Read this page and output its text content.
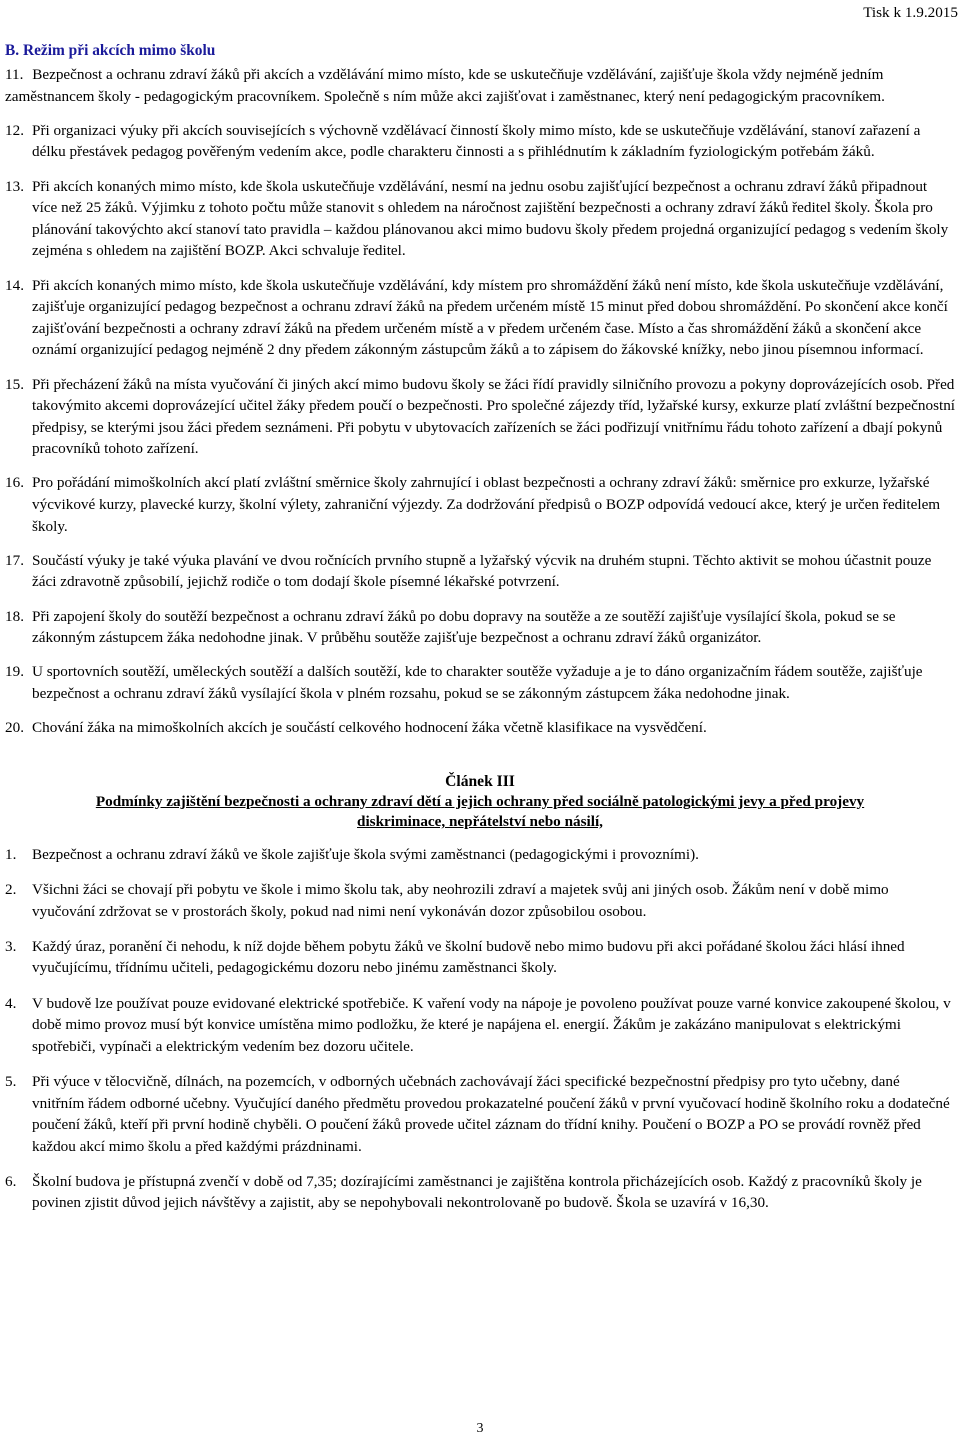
Tisk k 1.9.2015
B. Režim při akcích mimo školu
11. Bezpečnost a ochranu zdraví žáků při akcích a vzdělávání mimo místo, kde se uskutečňuje vzdělávání, zajišťuje škola vždy nejméně jedním zaměstnancem školy - pedagogickým pracovníkem. Společně s ním může akci zajišťovat i zaměstnanec, který není pedagogickým pracovníkem.
12. Při organizaci výuky při akcích souvisejících s výchovně vzdělávací činností školy mimo místo, kde se uskutečňuje vzdělávání, stanoví zařazení a délku přestávek pedagog pověřeným vedením akce, podle charakteru činnosti a s přihlédnutím k základním fyziologickým potřebám žáků.
13. Při akcích konaných mimo místo, kde škola uskutečňuje vzdělávání, nesmí na jednu osobu zajišťující bezpečnost a ochranu zdraví žáků připadnout více než 25 žáků. Výjimku z tohoto počtu může stanovit s ohledem na náročnost zajištění bezpečnosti a ochrany zdraví žáků ředitel školy. Škola pro plánování takovýchto akcí stanoví tato pravidla – každou plánovanou akci mimo budovu školy předem projedná organizující pedagog s vedením školy zejména s ohledem na zajištění BOZP. Akci schvaluje ředitel.
14. Při akcích konaných mimo místo, kde škola uskutečňuje vzdělávání, kdy místem pro shromáždění žáků není místo, kde škola uskutečňuje vzdělávání, zajišťuje organizující pedagog bezpečnost a ochranu zdraví žáků na předem určeném místě 15 minut před dobou shromáždění. Po skončení akce končí zajišťování bezpečnosti a ochrany zdraví žáků na předem určeném místě a v předem určeném čase. Místo a čas shromáždění žáků a skončení akce oznámí organizující pedagog nejméně 2 dny předem zákonným zástupcům žáků a to zápisem do žákovské knížky, nebo jinou písemnou informací.
15. Při přecházení žáků na místa vyučování či jiných akcí mimo budovu školy se žáci řídí pravidly silničního provozu a pokyny doprovázejících osob. Před takovýmito akcemi doprovázející učitel žáky předem poučí o bezpečnosti. Pro společné zájezdy tříd, lyžařské kursy, exkurze platí zvláštní bezpečnostní předpisy, se kterými jsou žáci předem seznámeni. Při pobytu v ubytovacích zařízeních se žáci podřizují vnitřnímu řádu tohoto zařízení a dbají pokynů pracovníků tohoto zařízení.
16. Pro pořádání mimoškolních akcí platí zvláštní směrnice školy zahrnující i oblast bezpečnosti a ochrany zdraví žáků: směrnice pro exkurze, lyžařské výcvikové kurzy, plavecké kurzy, školní výlety, zahraniční výjezdy. Za dodržování předpisů o BOZP odpovídá vedoucí akce, který je určen ředitelem školy.
17. Součástí výuky je také výuka plavání ve dvou ročnících prvního stupně a lyžařský výcvik na druhém stupni. Těchto aktivit se mohou účastnit pouze žáci zdravotně způsobilí, jejichž rodiče o tom dodají škole písemné lékařské potvrzení.
18. Při zapojení školy do soutěží bezpečnost a ochranu zdraví žáků po dobu dopravy na soutěže a ze soutěží zajišťuje vysílající škola, pokud se se zákonným zástupcem žáka nedohodne jinak. V průběhu soutěže zajišťuje bezpečnost a ochranu zdraví žáků organizátor.
19. U sportovních soutěží, uměleckých soutěží a dalších soutěží, kde to charakter soutěže vyžaduje a je to dáno organizačním řádem soutěže, zajišťuje bezpečnost a ochranu zdraví žáků vysílající škola v plném rozsahu, pokud se se zákonným zástupcem žáka nedohodne jinak.
20. Chování žáka na mimoškolních akcích je součástí celkového hodnocení žáka včetně klasifikace na vysvědčení.
Článek III
Podmínky zajištění bezpečnosti a ochrany zdraví dětí a jejich ochrany před sociálně patologickými jevy a před projevy
diskriminace, nepřátelství nebo násilí,
1.	Bezpečnost a ochranu zdraví žáků ve škole zajišťuje škola svými zaměstnanci (pedagogickými i provozními).
2.	Všichni žáci se chovají při pobytu ve škole i mimo školu tak, aby neohrozili zdraví a majetek svůj ani jiných osob. Žákům není v době mimo vyučování zdržovat se v prostorách školy, pokud nad nimi není vykonáván dozor způsobilou osobou.
3.	Každý úraz, poranění či nehodu, k níž dojde během pobytu žáků ve školní budově nebo mimo budovu při akci pořádané školou žáci hlásí ihned vyučujícímu, třídnímu učiteli, pedagogickému dozoru nebo jinému zaměstnanci školy.
4.	V budově lze používat pouze evidované elektrické spotřebiče. K vaření vody na nápoje je povoleno používat pouze varné konvice zakoupené školou, v době mimo provoz musí být konvice umístěna mimo podložku, že které je napájena el. energií. Žákům je zakázáno manipulovat s elektrickými spotřebiči, vypínači a elektrickým vedením bez dozoru učitele.
5.	Při výuce v tělocvičně, dílnách, na pozemcích, v odborných učebnách zachovávají žáci specifické bezpečnostní předpisy pro tyto učebny, dané vnitřním řádem odborné učebny. Vyučující daného předmětu provedou prokazatelné poučení žáků v první vyučovací hodině školního roku a dodatečné poučení žáků, kteří při první hodině chyběli. O poučení žáků provede učitel záznam do třídní knihy. Poučení o BOZP a PO se provádí rovněž před každou akcí mimo školu a před každými prázdninami.
6.	Školní budova je přístupná zvenčí v době od 7,35; dozírajícími zaměstnanci je zajištěna kontrola přicházejících osob. Každý z pracovníků školy je povinen zjistit důvod jejich návštěvy a zajistit, aby se nepohybovali nekontrolovaně po budově. Škola se uzavírá v 16,30.
3
